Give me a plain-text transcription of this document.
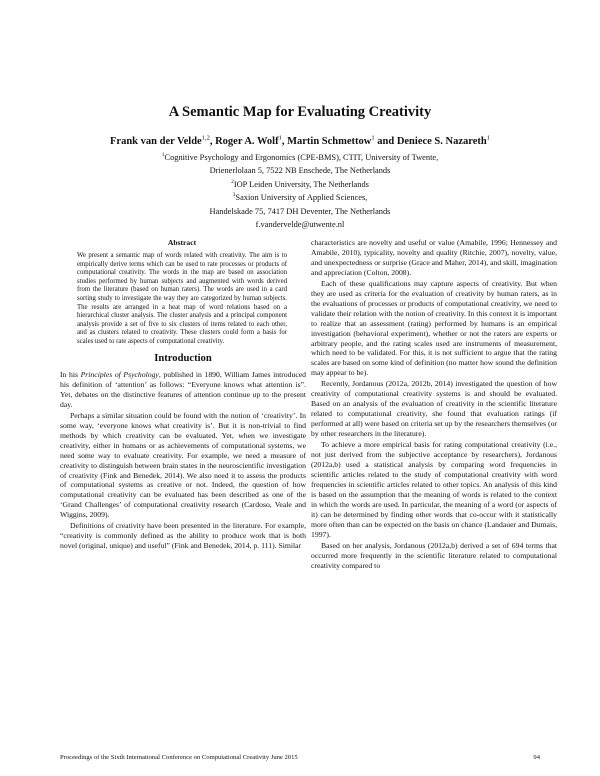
A Semantic Map for Evaluating Creativity
Frank van der Velde$^{1,2}$, Roger A. Wolf$^1$, Martin Schmettow$^1$ and Deniece S. Nazareth$^1$
$^1$Cognitive Psychology and Ergonomics (CPE-BMS), CTIT, University of Twente,
Drienerlolaan 5, 7522 NB Enschede, The Netherlands
$^2$IOP Leiden University, The Netherlands
$^3$Saxion University of Applied Sciences,
Handelskade 75, 7417 DH Deventer, The Netherlands
f.vandervelde@utwente.nl
Abstract

We present a semantic map of words related with creativity. The aim is to empirically derive terms which can be used to rate processes or products of computational creativity. The words in the map are based on association studies performed by human subjects and augmented with words derived from the literature (based on human raters). The words are used in a card sorting study to investigate the way they are categorized by human subjects. The results are arranged in a heat map of word relations based on a hierarchical cluster analysis. The cluster analysis and a principal component analysis provide a set of five to six clusters of items related to each other, and as clusters related to creativity. These clusters could form a basis for scales used to rate aspects of computational creativity.

Introduction

In his Principles of Psychology, published in 1890, William James introduced his definition of ‘attention’ as follows: “Everyone knows what attention is”. Yet, debates on the distinctive features of attention continue up to the present day.

Perhaps a similar situation could be found with the notion of ‘creativity’. In some way, ‘everyone knows what creativity is’. But it is non-trivial to find methods by which creativity can be evaluated. Yet, when we investigate creativity, either in humans or as achievements of computational systems, we need some way to evaluate creativity. For example, we need a measure of creativity to distinguish between brain states in the neuroscientific investigation of creativity (Fink and Benedek, 2014). We also need it to assess the products of computational systems as creative or not. Indeed, the question of how computational creativity can be evaluated has been described as one of the ‘Grand Challenges’ of computational creativity research (Cardoso, Veale and Wiggins, 2009).

Definitions of creativity have been presented in the literature. For example, “creativity is commonly defined as the ability to produce work that is both novel (original, unique) and useful” (Fink and Benedek, 2014, p. 111). Similar

characteristics are novelty and useful or value (Amabile, 1996; Hennessey and Amabile, 2010), typicality, novelty and quality (Ritchie, 2007), novelty, value, and unexpectedness or surprise (Grace and Maher, 2014), and skill, imagination and appreciation (Colton, 2008).

Each of these qualifications may capture aspects of creativity. But when they are used as criteria for the evaluation of creativity by human raters, as in the evaluations of processes or products of computational creativity, we need to validate their relation with the notion of creativity. In this context it is important to realize that an assessment (rating) performed by humans is an empirical investigation (behavioral experiment), whether or not the raters are experts or arbitrary people, and the rating scales used are instruments of measurement, which need to be validated. For this, it is not sufficient to argue that the rating scales are based on some kind of definition (no matter how sound the definition may appear to be).

Recently, Jordanous (2012a, 2012b, 2014) investigated the question of how creativity of computational creativity systems is and should be evaluated. Based on an analysis of the evaluation of creativity in the scientific literature related to computational creativity, she found that evaluation ratings (if performed at all) were based on criteria set up by the researchers themselves (or by other researchers in the literature).

To achieve a more empirical basis for rating computational creativity (i.e., not just derived from the subjective acceptance by researchers), Jordanous (2012a,b) used a statistical analysis by comparing word frequencies in scientific articles related to the study of computational creativity with word frequencies in scientific articles related to other topics. An analysis of this kind is based on the assumption that the meaning of words is related to the context in which the words are used. In particular, the meaning of a word (or aspects of it) can be determined by finding other words that co-occur with it statistically more often than can be expected on the basis on chance (Landauer and Dumais, 1997).

Based on her analysis, Jordanous (2012a,b) derived a set of 694 terms that occurred more frequently in the scientific literature related to computational creativity compared to

Proceedings of the Sixth International Conference on Computational Creativity June 2015	94
